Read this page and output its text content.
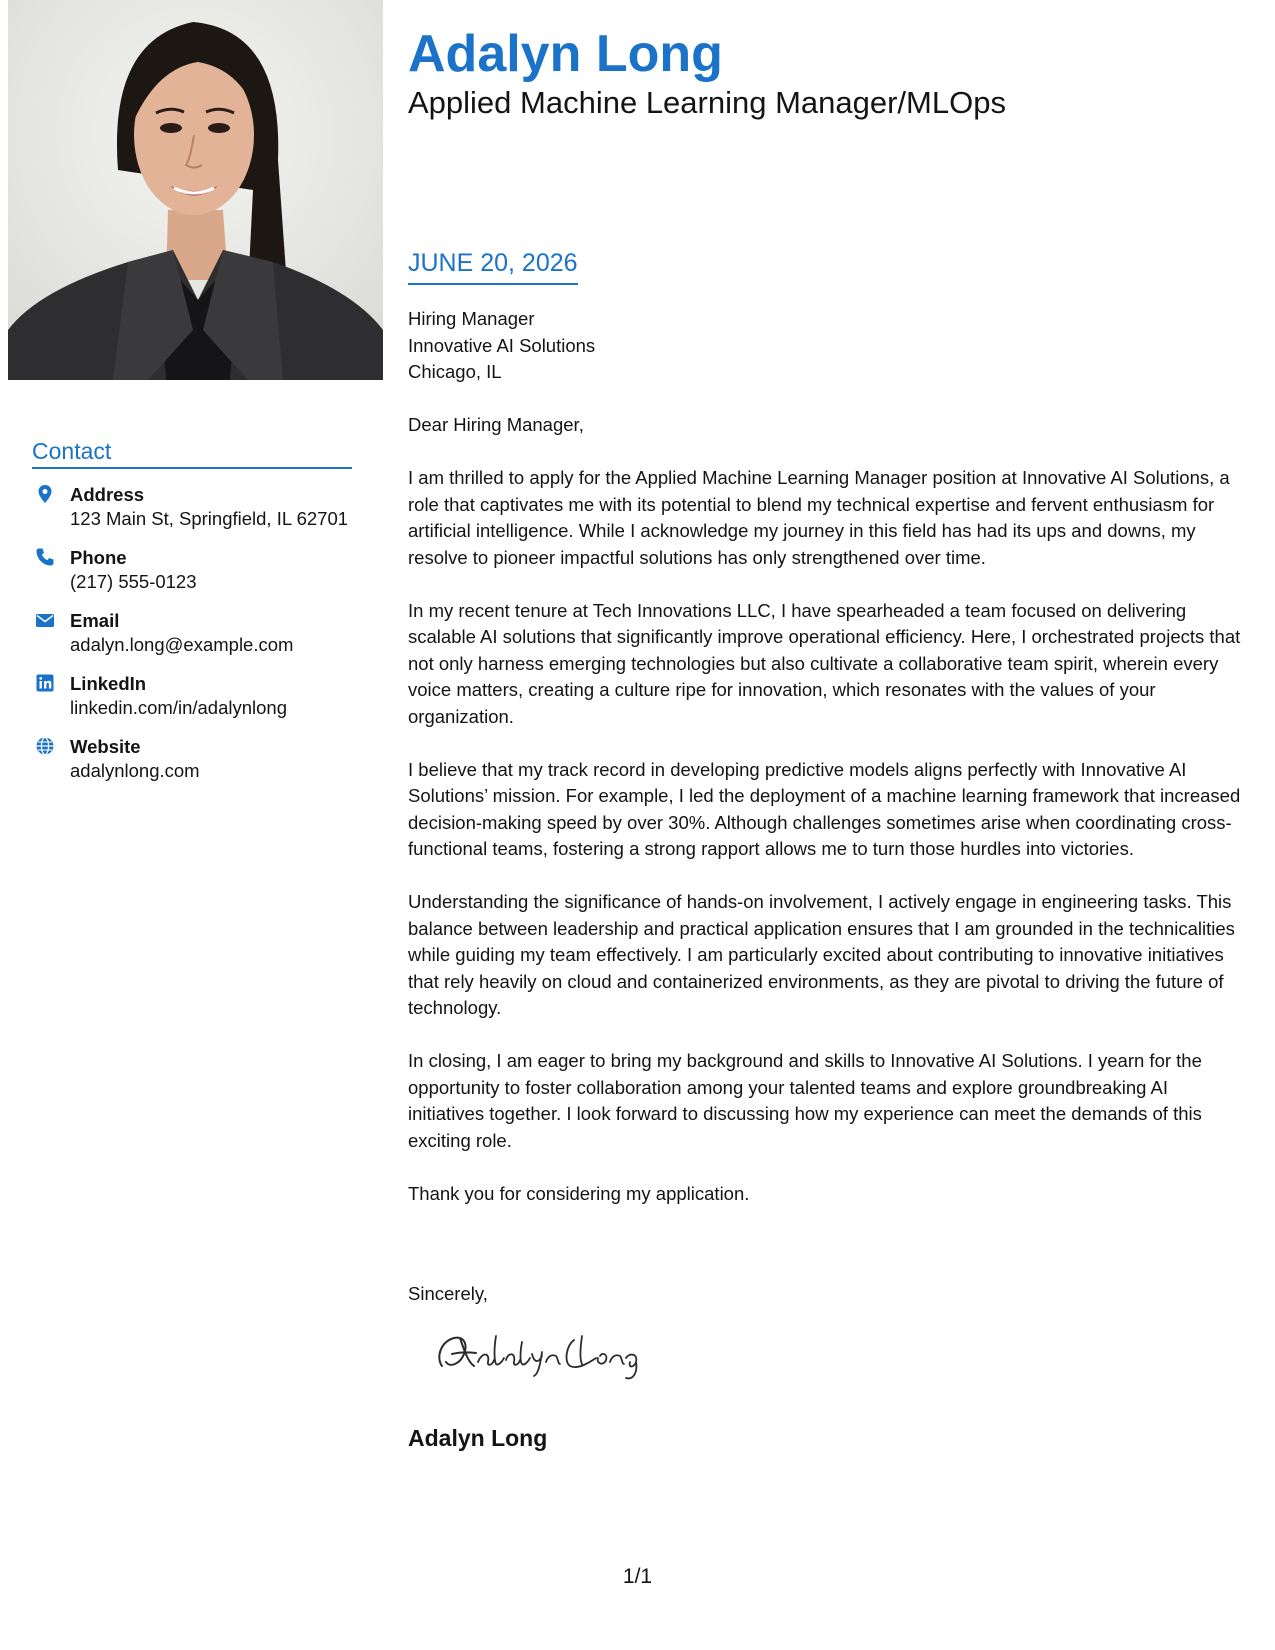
Contact
Address
123 Main St, Springfield, IL 62701
Phone
(217) 555-0123
Email
adalyn.long@example.com
LinkedIn
linkedin.com/in/adalynlong
Website
adalynlong.com
Adalyn Long
Applied Machine Learning Manager/MLOps
JUNE 20, 2026
Hiring Manager
Innovative AI Solutions
Chicago, IL
Dear Hiring Manager,

I am thrilled to apply for the Applied Machine Learning Manager position at Innovative AI Solutions, a role that captivates me with its potential to blend my technical expertise and fervent enthusiasm for artificial intelligence. While I acknowledge my journey in this field has had its ups and downs, my resolve to pioneer impactful solutions has only strengthened over time.

In my recent tenure at Tech Innovations LLC, I have spearheaded a team focused on delivering scalable AI solutions that significantly improve operational efficiency. Here, I orchestrated projects that not only harness emerging technologies but also cultivate a collaborative team spirit, wherein every voice matters, creating a culture ripe for innovation, which resonates with the values of your organization.

I believe that my track record in developing predictive models aligns perfectly with Innovative AI Solutions’ mission. For example, I led the deployment of a machine learning framework that increased decision-making speed by over 30%. Although challenges sometimes arise when coordinating cross-functional teams, fostering a strong rapport allows me to turn those hurdles into victories.

Understanding the significance of hands-on involvement, I actively engage in engineering tasks. This balance between leadership and practical application ensures that I am grounded in the technicalities while guiding my team effectively. I am particularly excited about contributing to innovative initiatives that rely heavily on cloud and containerized environments, as they are pivotal to driving the future of technology.

In closing, I am eager to bring my background and skills to Innovative AI Solutions. I yearn for the opportunity to foster collaboration among your talented teams and explore groundbreaking AI initiatives together. I look forward to discussing how my experience can meet the demands of this exciting role.

Thank you for considering my application.

Sincerely,
Adalyn Long
1/1
